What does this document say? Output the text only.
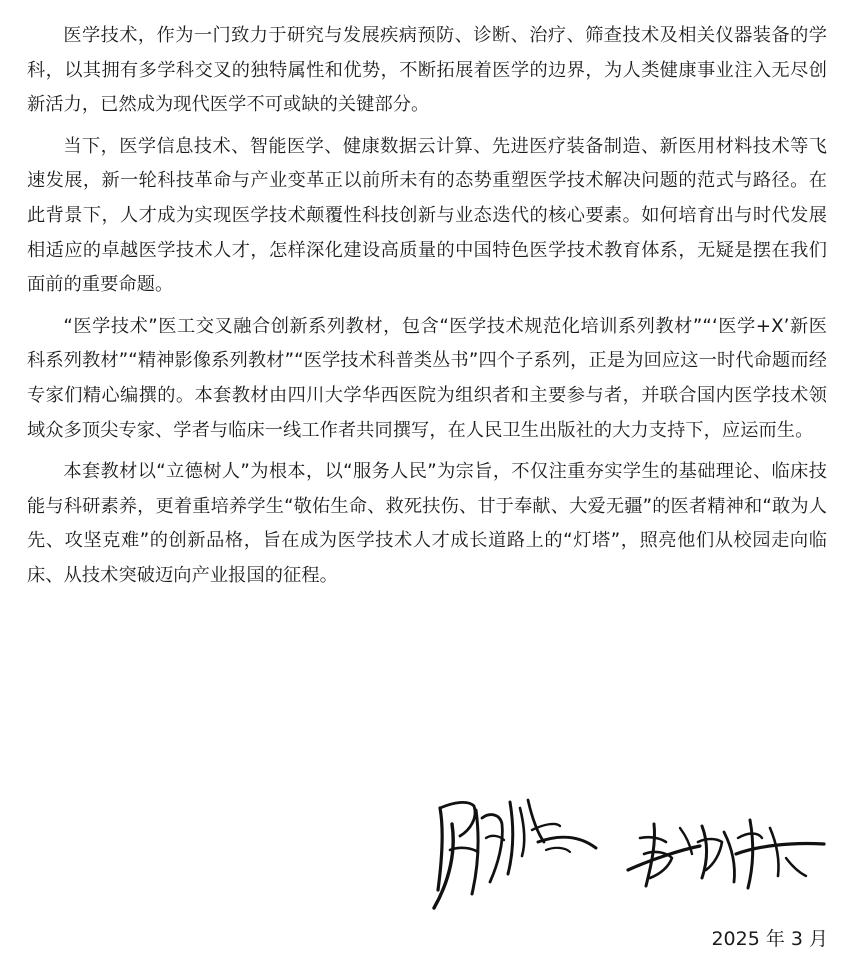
医学技术，作为一门致力于研究与发展疾病预防、诊断、治疗、筛查技术及相关仪器装备的学科，以其拥有多学科交叉的独特属性和优势，不断拓展着医学的边界，为人类健康事业注入无尽创新活力，已然成为现代医学不可或缺的关键部分。

当下，医学信息技术、智能医学、健康数据云计算、先进医疗装备制造、新医用材料技术等飞速发展，新一轮科技革命与产业变革正以前所未有的态势重塑医学技术解决问题的范式与路径。在此背景下，人才成为实现医学技术颠覆性科技创新与业态迭代的核心要素。如何培育出与时代发展相适应的卓越医学技术人才，怎样深化建设高质量的中国特色医学技术教育体系，无疑是摆在我们面前的重要命题。

“医学技术”医工交叉融合创新系列教材，包含“医学技术规范化培训系列教材”“‘医学+X’新医科系列教材”“精神影像系列教材”“医学技术科普类丛书”四个子系列，正是为回应这一时代命题而经专家们精心编撰的。本套教材由四川大学华西医院为组织者和主要参与者，并联合国内医学技术领域众多顶尖专家、学者与临床一线工作者共同撰写，在人民卫生出版社的大力支持下，应运而生。

本套教材以“立德树人”为根本，以“服务人民”为宗旨，不仅注重夯实学生的基础理论、临床技能与科研素养，更着重培养学生“敬佑生命、救死扶伤、甘于奉献、大爱无疆”的医者精神和“敢为人先、攻坚克难”的创新品格，旨在成为医学技术人才成长道路上的“灯塔”，照亮他们从校园走向临床、从技术突破迈向产业报国的征程。

2025 年 3 月
